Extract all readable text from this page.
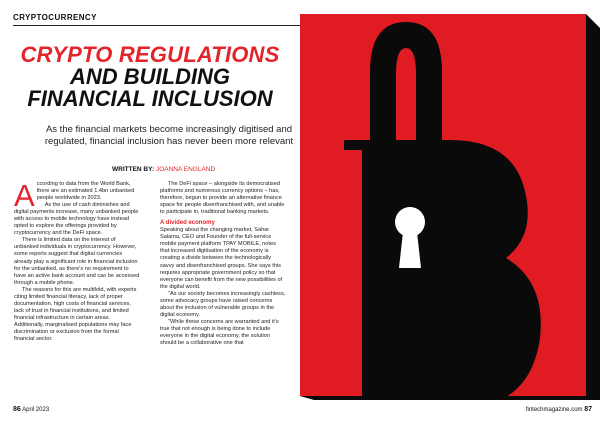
CRYPTOCURRENCY
CRYPTO REGULATIONS
AND BUILDING
FINANCIAL INCLUSION
As the financial markets become increasingly digitised and regulated, financial inclusion has never been more relevant
WRITTEN BY: JOANNA ENGLAND

According to data from the World Bank, there are an estimated 1.4bn unbanked people worldwide in 2023.

As the use of cash diminishes and digital payments increase, many unbanked people with access to mobile technology have instead opted to explore the offerings provided by cryptocurrency and the DeFi space.

There is limited data on the interest of unbanked individuals in cryptocurrency. However, some reports suggest that digital currencies already play a significant role in financial inclusion for the unbanked, as there's no requirement to have an active bank account and can be accessed through a mobile phone.

The reasons for this are multifold, with experts citing limited financial literacy, lack of proper documentation, high costs of financial services, lack of trust in financial institutions, and limited financial infrastructure in certain areas. Additionally, marginalised populations may face discrimination or exclusion from the formal financial sector.

The DeFi space – alongside its democratised platforms and numerous currency options – has, therefore, begun to provide an alternative finance space for people disenfranchised with, and unable to participate in, traditional banking markets.

A divided economy

Speaking about the changing market, Sahar Salama, CEO and Founder of the full-service mobile payment platform TPAY MOBILE, notes that increased digitisation of the economy is creating a divide between the technologically savvy and disenfranchised groups. She says this requires appropriate government policy so that everyone can benefit from the new possibilities of the digital world.

"As our society becomes increasingly cashless, some advocacy groups have raised concerns about the inclusion of vulnerable groups in the digital economy.

"While these concerns are warranted and it's true that not enough is being done to include everyone in the digital economy, the solution should be a collaborative one that

86 April 2023	fintechmagazine.com 87
